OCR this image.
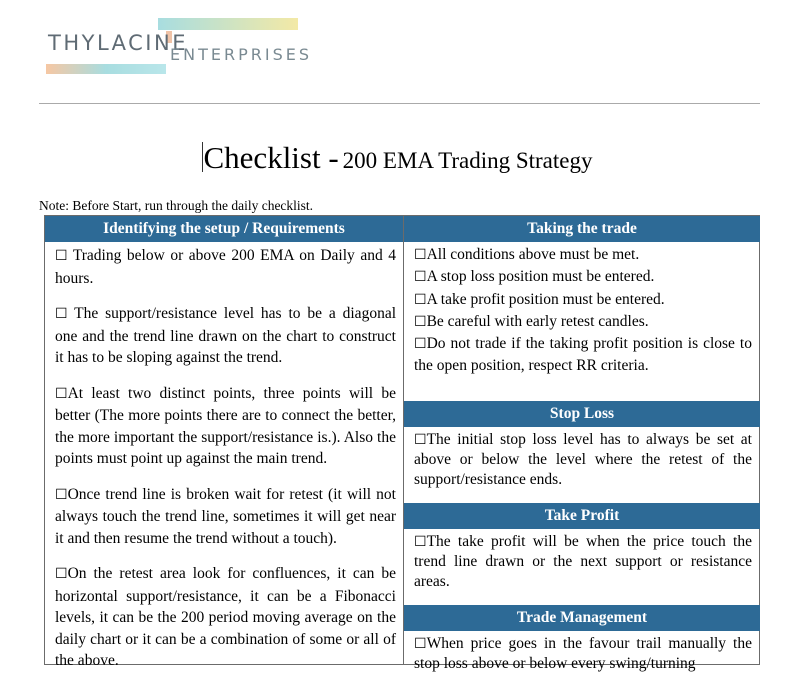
THYLACINE
ENTERPRISES
Checklist - 200 EMA Trading Strategy
Note: Before Start, run through the daily checklist.
Identifying the setup / Requirements

☐ Trading below or above 200 EMA on Daily and 4 hours.

☐ The support/resistance level has to be a diagonal one and the trend line drawn on the chart to construct it has to be sloping against the trend.

☐At least two distinct points, three points will be better (The more points there are to connect the better, the more important the support/resistance is.). Also the points must point up against the main trend.

☐Once trend line is broken wait for retest (it will not always touch the trend line, sometimes it will get near it and then resume the trend without a touch).

☐On the retest area look for confluences, it can be horizontal support/resistance, it can be a Fibonacci levels, it can be the 200 period moving average on the daily chart or it can be a combination of some or all of the above.

Taking the trade
☐All conditions above must be met.
☐A stop loss position must be entered.
☐A take profit position must be entered.
☐Be careful with early retest candles.
☐Do not trade if the taking profit position is close to the open position, respect RR criteria.
Stop Loss
☐The initial stop loss level has to always be set at above or below the level where the retest of the support/resistance ends.
Take Profit
☐The take profit will be when the price touch the trend line drawn or the next support or resistance areas.
Trade Management
☐When price goes in the favour trail manually the stop loss above or below every swing/turning
